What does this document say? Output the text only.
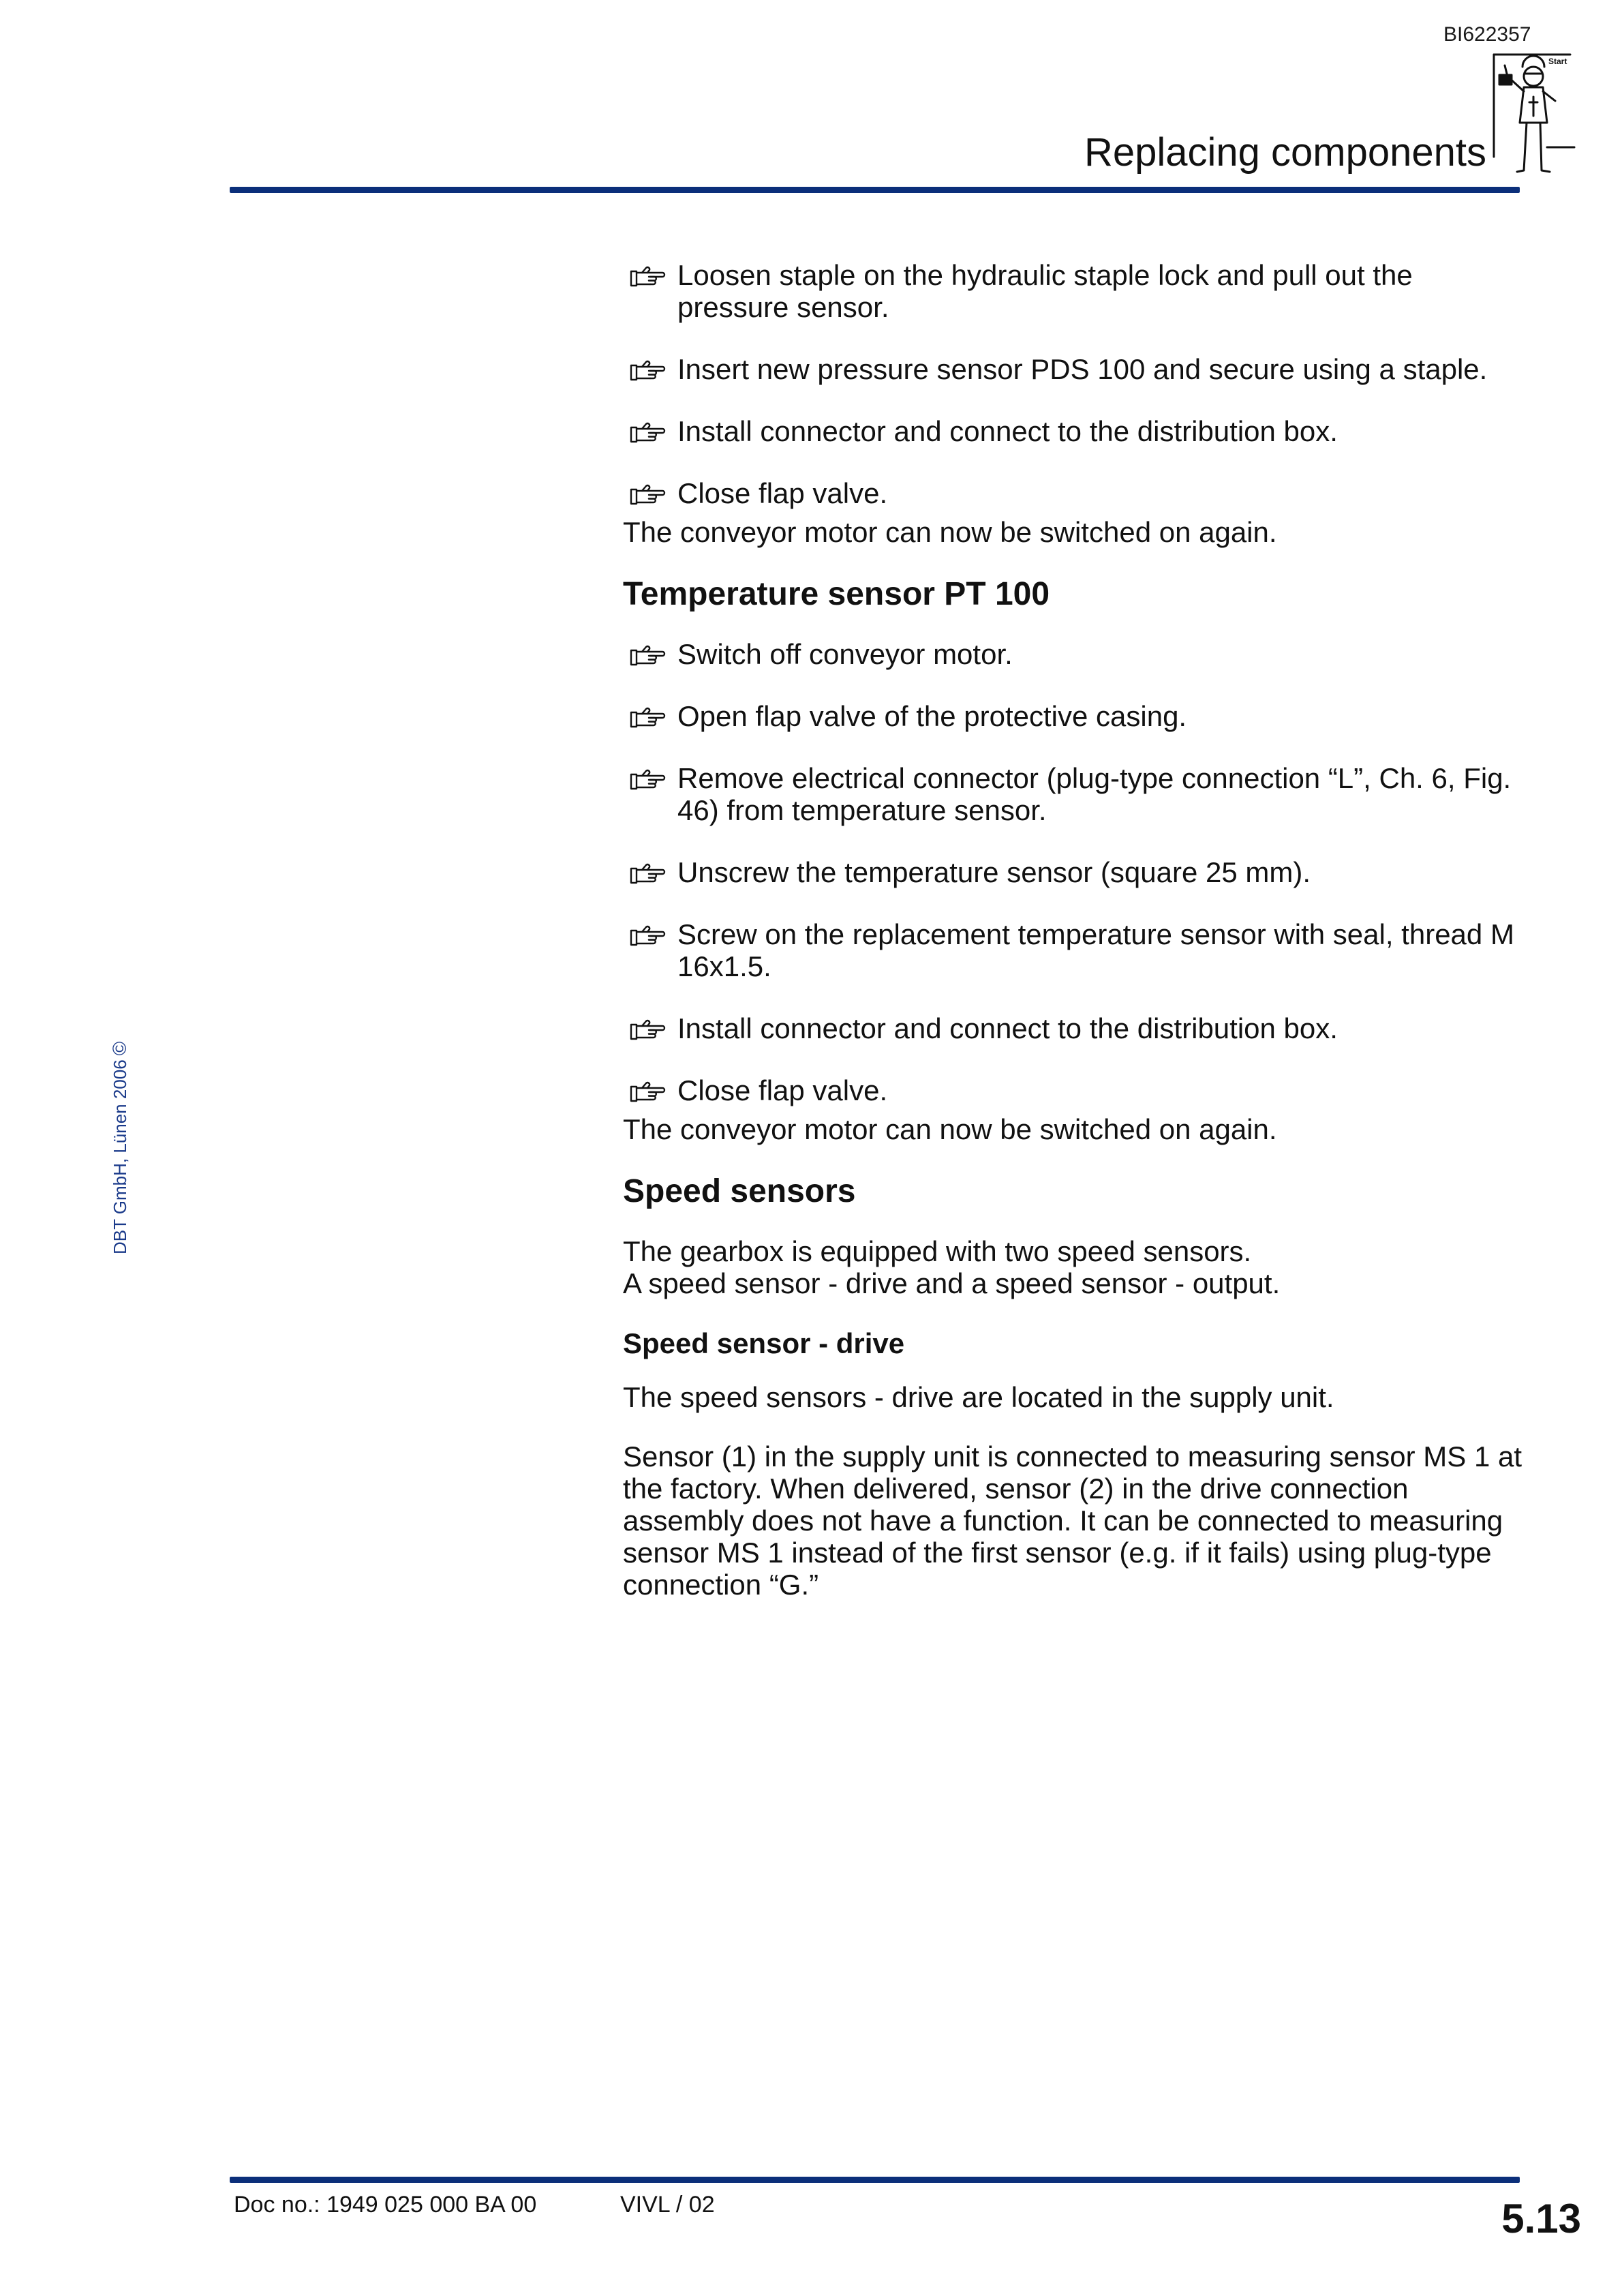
BI622357
Replacing components
Start
DBT GmbH, Lünen 2006©
Loosen staple on the hydraulic staple lock and pull out the pressure sensor.
Insert new pressure sensor PDS 100 and secure using a staple.
Install connector and connect to the distribution box.
Close flap valve.
The conveyor motor can now be switched on again.
Temperature sensor PT 100
Switch off conveyor motor.
Open flap valve of the protective casing.
Remove electrical connector (plug-type connection “L”, Ch. 6, Fig. 46) from temperature sensor.
Unscrew the temperature sensor (square 25 mm).
Screw on the replacement temperature sensor with seal, thread M 16x1.5.
Install connector and connect to the distribution box.
Close flap valve.
The conveyor motor can now be switched on again.
Speed sensors
The gearbox is equipped with two speed sensors.
A speed sensor - drive and a speed sensor - output.
Speed sensor - drive
The speed sensors - drive are located in the supply unit.
Sensor (1) in the supply unit is connected to measuring sensor MS 1 at the factory. When delivered, sensor (2) in the drive connection assembly does not have a function. It can be connected to measuring sensor MS 1 instead of the first sensor (e.g. if it fails) using plug-type connection “G.”
Doc no.: 1949 025 000 BA 00	VIVL / 02	5.13
